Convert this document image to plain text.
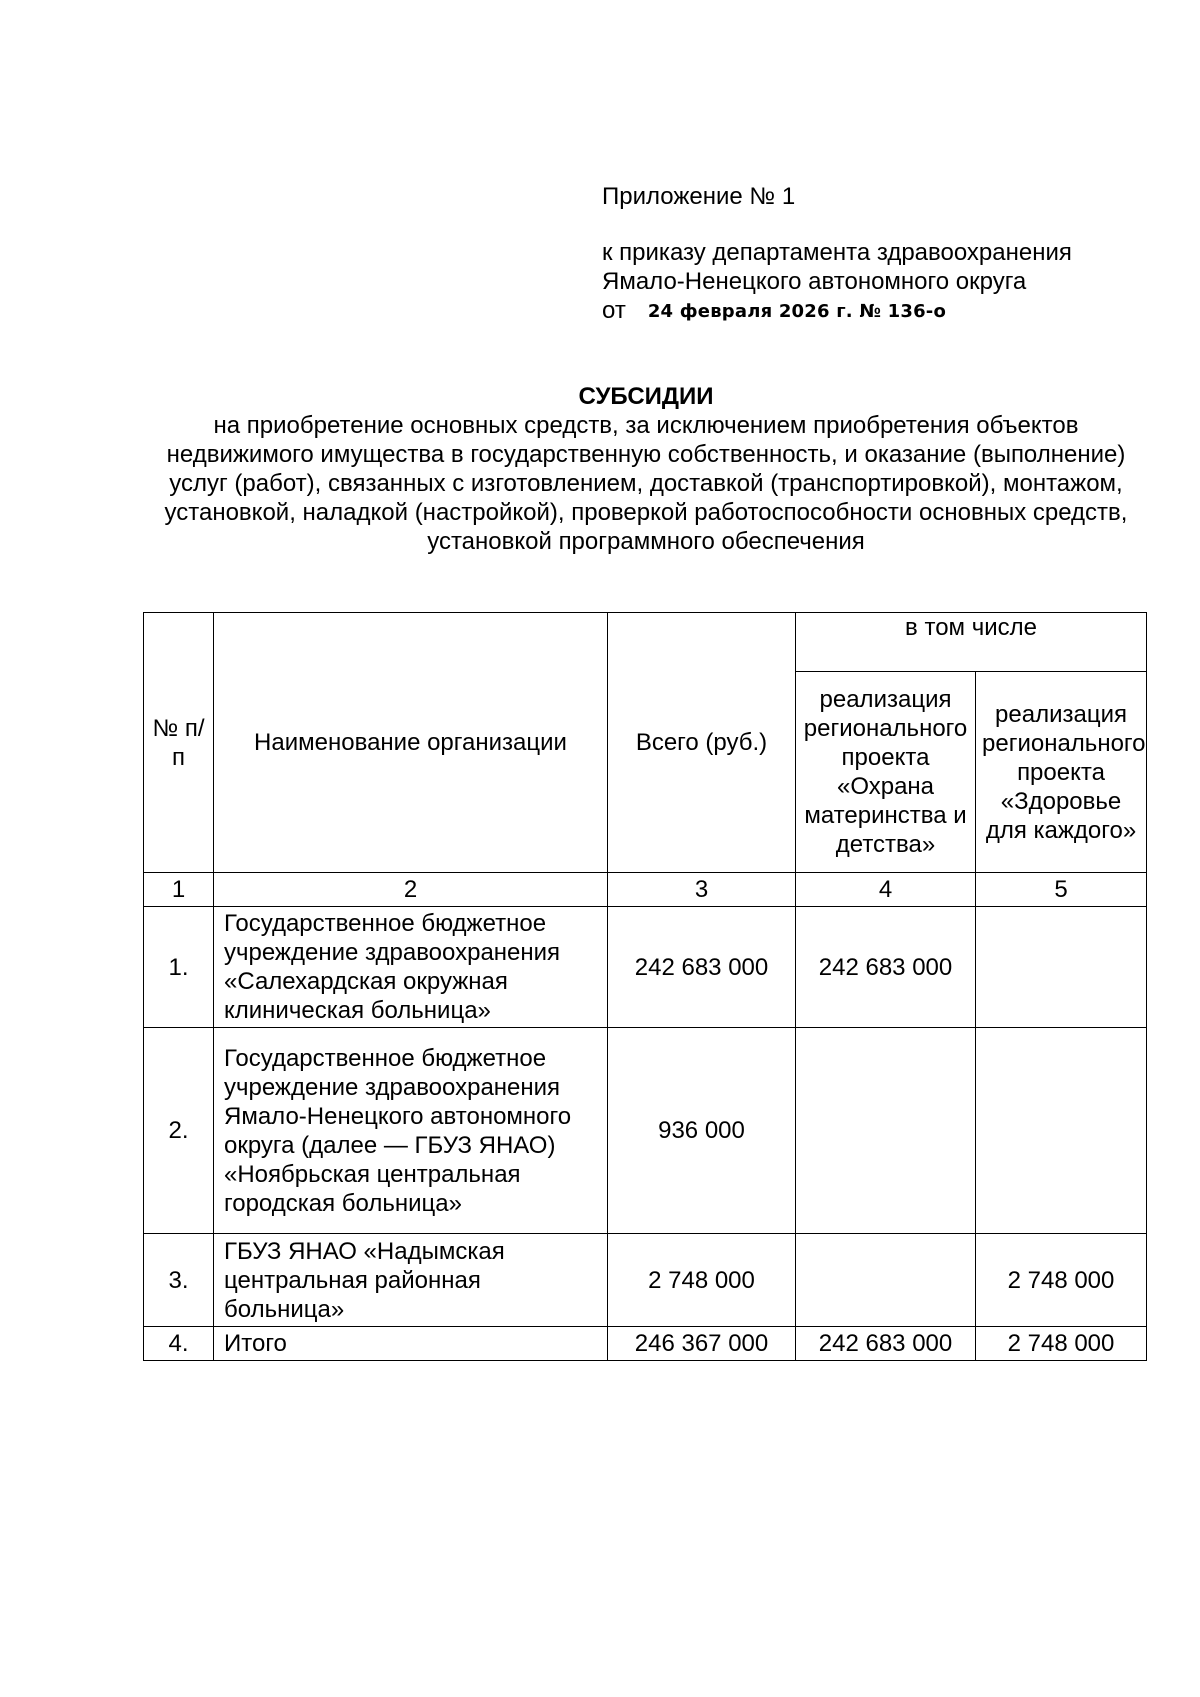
Приложение № 1
к приказу департамента здравоохранения
Ямало-Ненецкого автономного округа
от 24 февраля 2026 г. № 136-о
СУБСИДИИ
на приобретение основных средств, за исключением приобретения объектов недвижимого имущества в государственную собственность, и оказание (выполнение) услуг (работ), связанных с изготовлением, доставкой (транспортировкой), монтажом, установкой, наладкой (настройкой), проверкой работоспособности основных средств, установкой программного обеспечения
№ п/п	Наименование организации	Всего (руб.)	в том числе	
			реализация регионального проекта «Охрана материнства и детства»	реализация регионального проекта «Здоровье для каждого»
1	2	3	4	5
1.	Государственное бюджетное учреждение здравоохранения «Салехардская окружная клиническая больница»	242 683 000	242 683 000	
2.	Государственное бюджетное учреждение здравоохранения Ямало-Ненецкого автономного округа (далее — ГБУЗ ЯНАО) «Ноябрьская центральная городская больница»	936 000		
3.	ГБУЗ ЯНАО «Надымская центральная районная больница»	2 748 000		2 748 000
4.	Итого	246 367 000	242 683 000	2 748 000
